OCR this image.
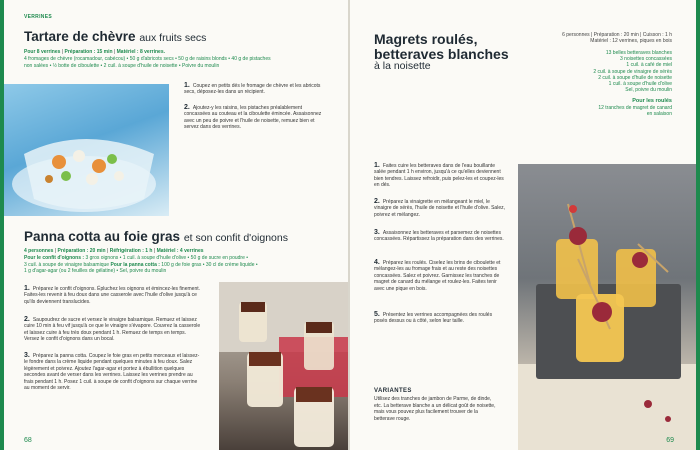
VERRINES
Tartare de chèvre aux fruits secs
Pour 8 verrines | Préparation : 15 min | Matériel : 8 verrines.
4 fromages de chèvre (rocamadour, cabécou) • 50 g d'abricots secs • 50 g de raisins blonds • 40 g de pistaches
non salées • ½ botte de ciboulette • 2 cuil. à soupe d'huile de noisette • Poivre du moulin
1. Coupez en petits dés le fromage de chèvre et les abricots secs, déposez-les dans un récipient.
2. Ajoutez-y les raisins, les pistaches préalablement concassées au couteau et la ciboulette émincée. Assaisonnez avec un peu de poivre et l'huile de noisette, remuez bien et servez dans des verrines.
Panna cotta au foie gras et son confit d'oignons
4 personnes | Préparation : 20 min | Réfrigération : 1 h | Matériel : 4 verrines
Pour le confit d'oignons : 3 gros oignons • 1 cuil. à soupe d'huile d'olive • 50 g de sucre en poudre •
3 cuil. à soupe de vinaigre balsamique Pour la panna cotta : 100 g de foie gras • 30 cl de crème liquide •
1 g d'agar-agar (ou 2 feuilles de gélatine) • Sel, poivre du moulin
1. Préparez le confit d'oignons. Épluchez les oignons et émincez-les finement. Faites-les revenir à feu doux dans une casserole avec l'huile d'olive jusqu'à ce qu'ils deviennent translucides.
2. Saupoudrez de sucre et versez le vinaigre balsamique. Remuez et laissez cuire 10 min à feu vif jusqu'à ce que le vinaigre s'évapore. Couvrez la casserole et laissez cuire à feu très doux pendant 1 h. Remuez de temps en temps. Versez le confit d'oignons dans un bocal.
3. Préparez la panna cotta. Coupez le foie gras en petits morceaux et laissez-le fondre dans la crème liquide pendant quelques minutes à feu doux. Salez légèrement et poivrez. Ajoutez l'agar-agar et portez à ébullition quelques secondes avant de verser dans les verrines. Laissez les verrines prendre au frais pendant 1 h. Posez 1 cuil. à soupe de confit d'oignons sur chaque verrine au moment de servir.
68
Magrets roulés,
betteraves blanches
à la noisette
6 personnes | Préparation : 20 min | Cuisson : 1 h
Matériel : 12 verrines, piques en bois
13 belles betteraves blanches
3 noisettes concassées
1 cuil. à café de miel
2 cuil. à soupe de vinaigre de xérès
2 cuil. à soupe d'huile de noisette
1 cuil. à soupe d'huile d'olive
Sel, poivre du moulin
Pour les roulés
12 tranches de magret de canard
en salaison
1. Faites cuire les betteraves dans de l'eau bouillante salée pendant 1 h environ, jusqu'à ce qu'elles deviennent bien tendres. Laissez refroidir, puis pelez-les et coupez-les en dés.
2. Préparez la vinaigrette en mélangeant le miel, le vinaigre de xérès, l'huile de noisette et l'huile d'olive. Salez, poivrez et mélangez.
3. Assaisonnez les betteraves et parsemez de noisettes concassées. Répartissez la préparation dans des verrines.
4. Préparez les roulés. Ciselez les brins de ciboulette et mélangez-les au fromage frais et au reste des noisettes concassées. Salez et poivrez. Garnissez les tranches de magret de canard du mélange et roulez-les. Faites tenir avec une pique en bois.
5. Présentez les verrines accompagnées des roulés posés dessus ou à côté, selon leur taille.
VARIANTES
Utilisez des tranches de jambon de Parme, de dinde, etc. La betterave blanche a un délicat goût de noisette, mais vous pouvez plus facilement trouver de la betterave rouge.
69
